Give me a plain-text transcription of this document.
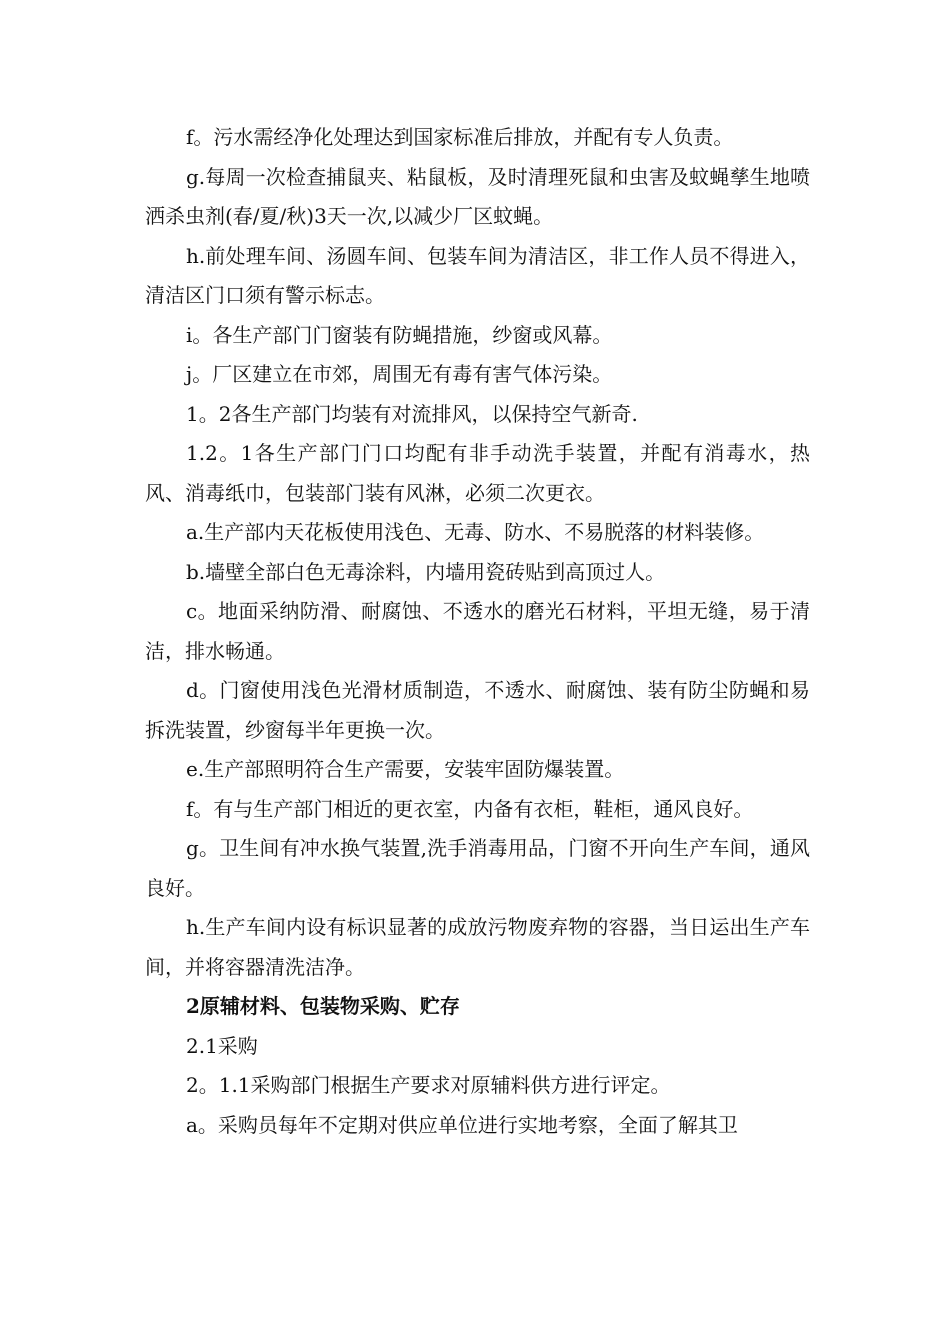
f。污水需经净化处理达到国家标准后排放，并配有专人负责。

g.每周一次检查捕鼠夹、粘鼠板，及时清理死鼠和虫害及蚊蝇孳生地喷洒杀虫剂(春/夏/秋)3天一次,以减少厂区蚊蝇。

h.前处理车间、汤圆车间、包装车间为清洁区，非工作人员不得进入，清洁区门口须有警示标志。

i。各生产部门门窗装有防蝇措施，纱窗或风幕。

j。厂区建立在市郊，周围无有毒有害气体污染。

1。2各生产部门均装有对流排风，以保持空气新奇.

1.2。1各生产部门门口均配有非手动洗手装置，并配有消毒水，热风、消毒纸巾，包装部门装有风淋，必须二次更衣。

a.生产部内天花板使用浅色、无毒、防水、不易脱落的材料装修。

b.墙壁全部白色无毒涂料，内墙用瓷砖贴到高顶过人。

c。地面采纳防滑、耐腐蚀、不透水的磨光石材料，平坦无缝，易于清洁，排水畅通。

d。门窗使用浅色光滑材质制造，不透水、耐腐蚀、装有防尘防蝇和易拆洗装置，纱窗每半年更换一次。

e.生产部照明符合生产需要，安装牢固防爆装置。

f。有与生产部门相近的更衣室，内备有衣柜，鞋柜，通风良好。

g。卫生间有冲水换气装置,洗手消毒用品，门窗不开向生产车间，通风良好。

h.生产车间内设有标识显著的成放污物废弃物的容器，当日运出生产车间，并将容器清洗洁净。

2原辅材料、包装物采购、贮存

2.1采购

2。1.1采购部门根据生产要求对原辅料供方进行评定。

a。采购员每年不定期对供应单位进行实地考察，全面了解其卫
